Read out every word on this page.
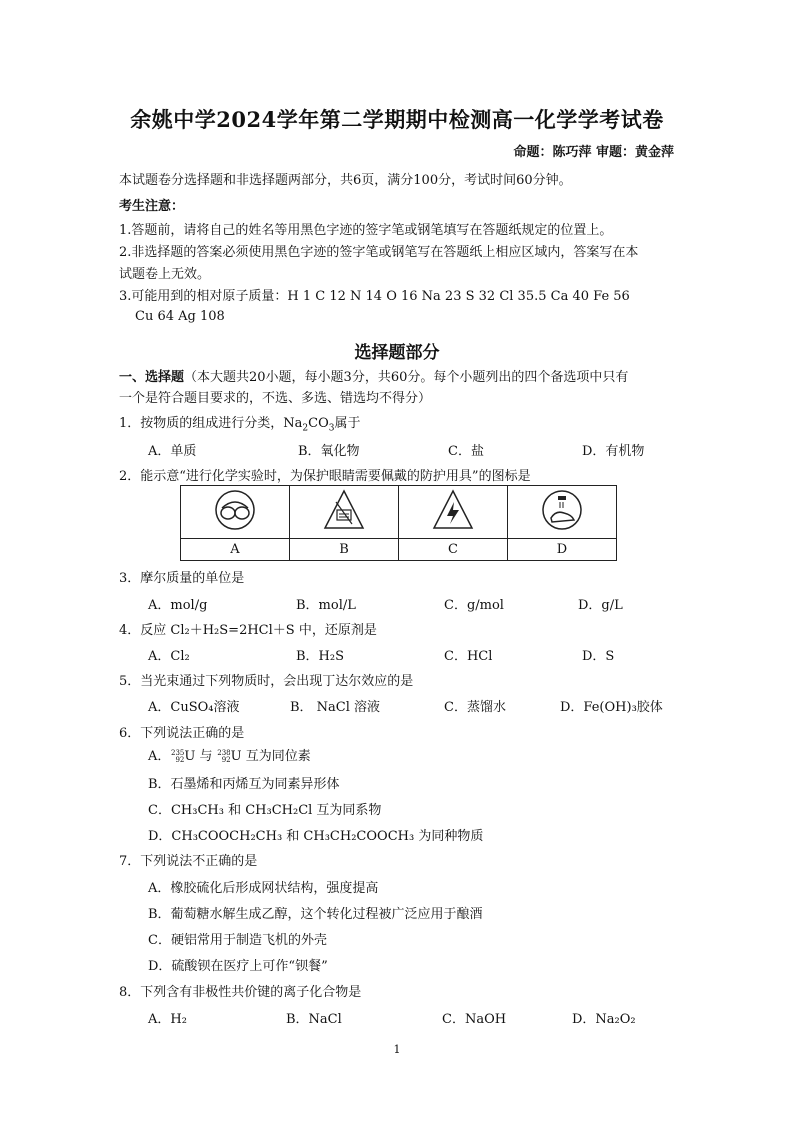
余姚中学2024学年第二学期期中检测高一化学学考试卷
命题：陈巧萍 审题：黄金萍
本试题卷分选择题和非选择题两部分，共6页，满分100分，考试时间60分钟。
考生注意：
1.答题前，请将自己的姓名等用黑色字迹的签字笔或钢笔填写在答题纸规定的位置上。
2.非选择题的答案必须使用黑色字迹的签字笔或钢笔写在答题纸上相应区域内，答案写在本
试题卷上无效。
3.可能用到的相对原子质量：H 1 C 12 N 14 O 16 Na 23 S 32 Cl 35.5 Ca 40 Fe 56
Cu 64 Ag 108
选择题部分
一、选择题（本大题共20小题，每小题3分，共60分。每个小题列出的四个备选项中只有
一个是符合题目要求的，不选、多选、错选均不得分）
1．按物质的组成进行分类，$Na_2CO_3$属于
A．单质	B．氧化物	C．盐	D．有机物
2．能示意“进行化学实验时，为保护眼睛需要佩戴的防护用具”的图标是

A	B	C	D
3．摩尔质量的单位是
A．mol/g	B．mol/L	C．g/mol	D．g/L
4．反应 Cl₂＋H₂S=2HCl＋S 中，还原剂是
A．Cl₂	B．H₂S	C．HCl	D．S
5．当光束通过下列物质时，会出现丁达尔效应的是
A．CuSO₄溶液	B． NaCl 溶液	C．蒸馏水	D．Fe(OH)₃胶体
6．下列说法正确的是
A． 235
92 U 与 238
92 U 互为同位素
B．石墨烯和丙烯互为同素异形体
C．CH₃CH₃ 和 CH₃CH₂Cl 互为同系物
D．CH₃COOCH₂CH₃ 和 CH₃CH₂COOCH₃ 为同种物质
7．下列说法不正确的是
A．橡胶硫化后形成网状结构，强度提高
B．葡萄糖水解生成乙醇，这个转化过程被广泛应用于酿酒
C．硬铝常用于制造飞机的外壳
D．硫酸钡在医疗上可作“钡餐”
8．下列含有非极性共价键的离子化合物是
A．H₂	B．NaCl	C．NaOH	D．Na₂O₂
1
